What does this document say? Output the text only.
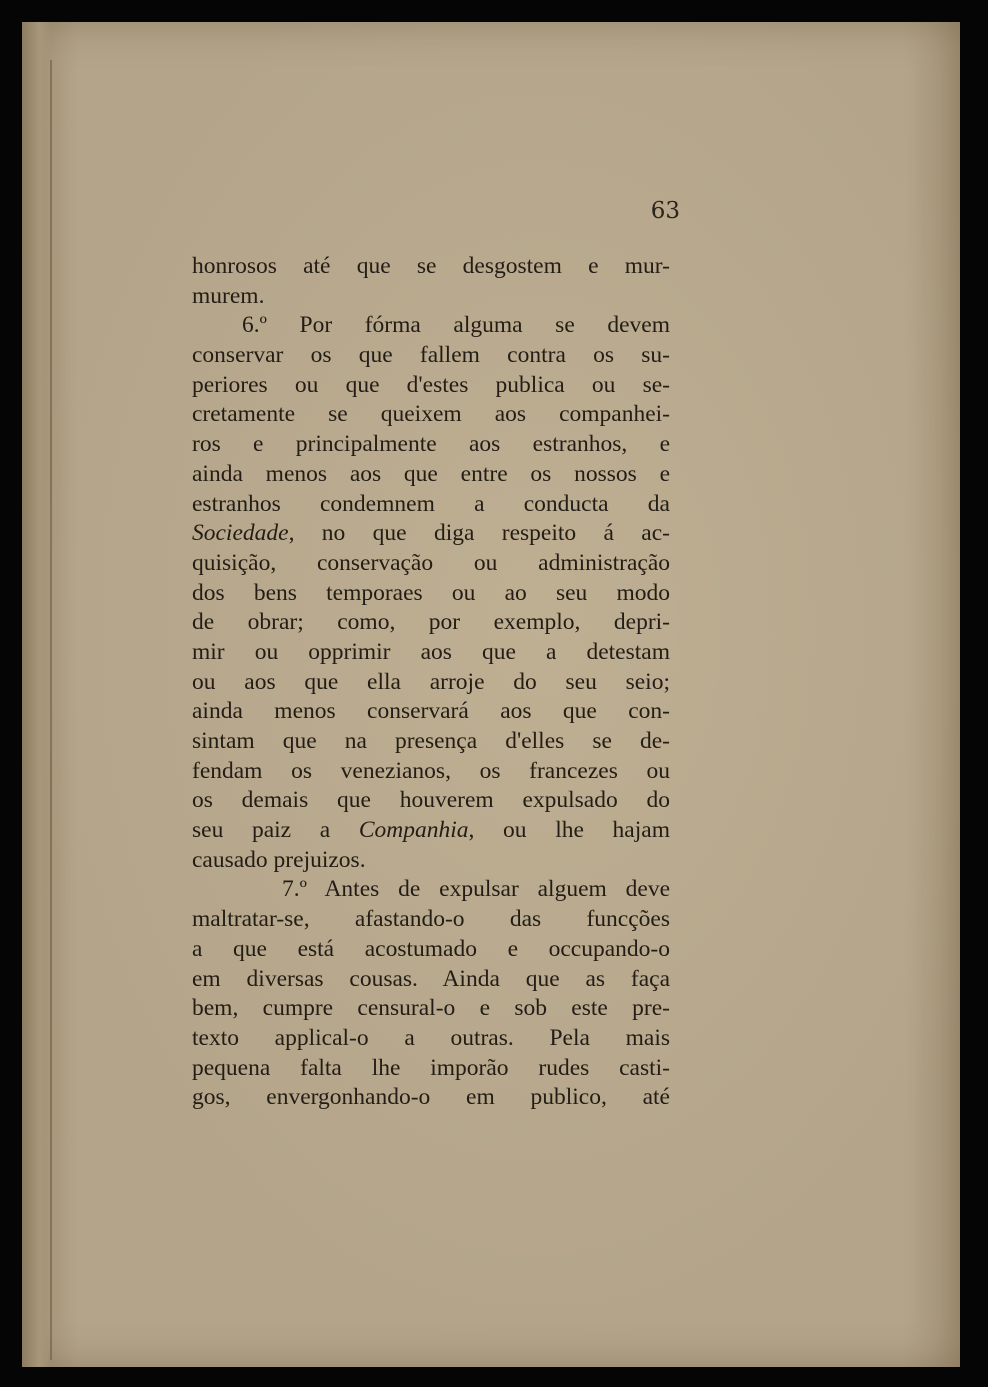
63
honrosos até que se desgostem e mur-
murem.
6.º Por fórma alguma se devem
conservar os que fallem contra os su-
periores ou que d'estes publica ou se-
cretamente se queixem aos companhei-
ros e principalmente aos estranhos, e
ainda menos aos que entre os nossos e
estranhos condemnem a conducta da
Sociedade, no que diga respeito á ac-
quisição, conservação ou administração
dos bens temporaes ou ao seu modo
de obrar; como, por exemplo, depri-
mir ou opprimir aos que a detestam
ou aos que ella arroje do seu seio;
ainda menos conservará aos que con-
sintam que na presença d'elles se de-
fendam os venezianos, os francezes ou
os demais que houverem expulsado do
seu paiz a Companhia, ou lhe hajam
causado prejuizos.
7.º Antes de expulsar alguem deve
maltratar-se, afastando-o das funcções
a que está acostumado e occupando-o
em diversas cousas. Ainda que as faça
bem, cumpre censural-o e sob este pre-
texto applical-o a outras. Pela mais
pequena falta lhe imporão rudes casti-
gos, envergonhando-o em publico, até
